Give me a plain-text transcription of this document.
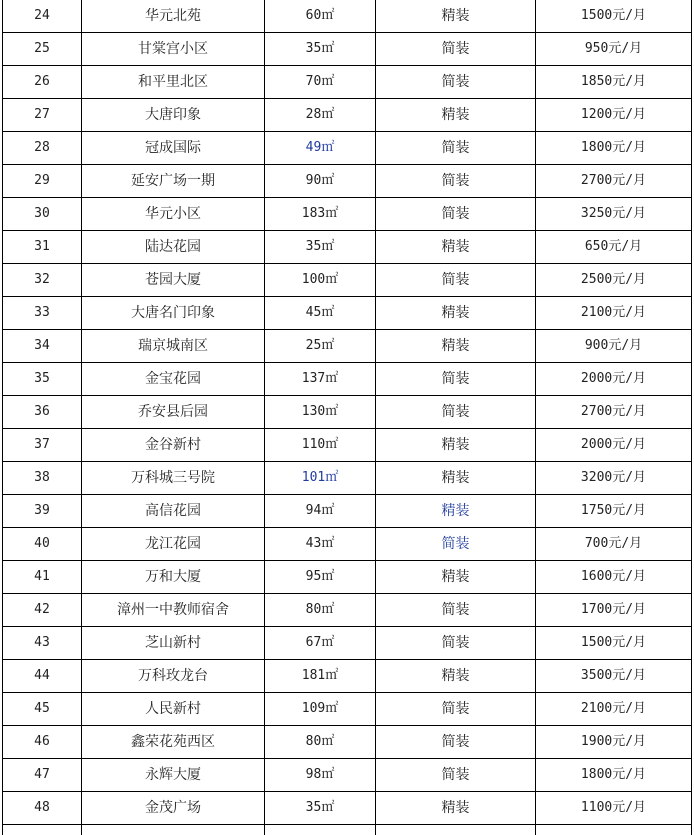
24	华元北苑	60㎡	精装	1500元/月
25	甘棠宫小区	35㎡	简装	950元/月
26	和平里北区	70㎡	简装	1850元/月
27	大唐印象	28㎡	精装	1200元/月
28	冠成国际	49㎡	简装	1800元/月
29	延安广场一期	90㎡	简装	2700元/月
30	华元小区	183㎡	简装	3250元/月
31	陆达花园	35㎡	精装	650元/月
32	苍园大厦	100㎡	简装	2500元/月
33	大唐名门印象	45㎡	精装	2100元/月
34	瑞京城南区	25㎡	精装	900元/月
35	金宝花园	137㎡	简装	2000元/月
36	乔安县后园	130㎡	简装	2700元/月
37	金谷新村	110㎡	精装	2000元/月
38	万科城三号院	101㎡	精装	3200元/月
39	高信花园	94㎡	精装	1750元/月
40	龙江花园	43㎡	简装	700元/月
41	万和大厦	95㎡	精装	1600元/月
42	漳州一中教师宿舍	80㎡	简装	1700元/月
43	芝山新村	67㎡	简装	1500元/月
44	万科玫龙台	181㎡	精装	3500元/月
45	人民新村	109㎡	简装	2100元/月
46	鑫荣花苑西区	80㎡	简装	1900元/月
47	永辉大厦	98㎡	简装	1800元/月
48	金茂广场	35㎡	精装	1100元/月
